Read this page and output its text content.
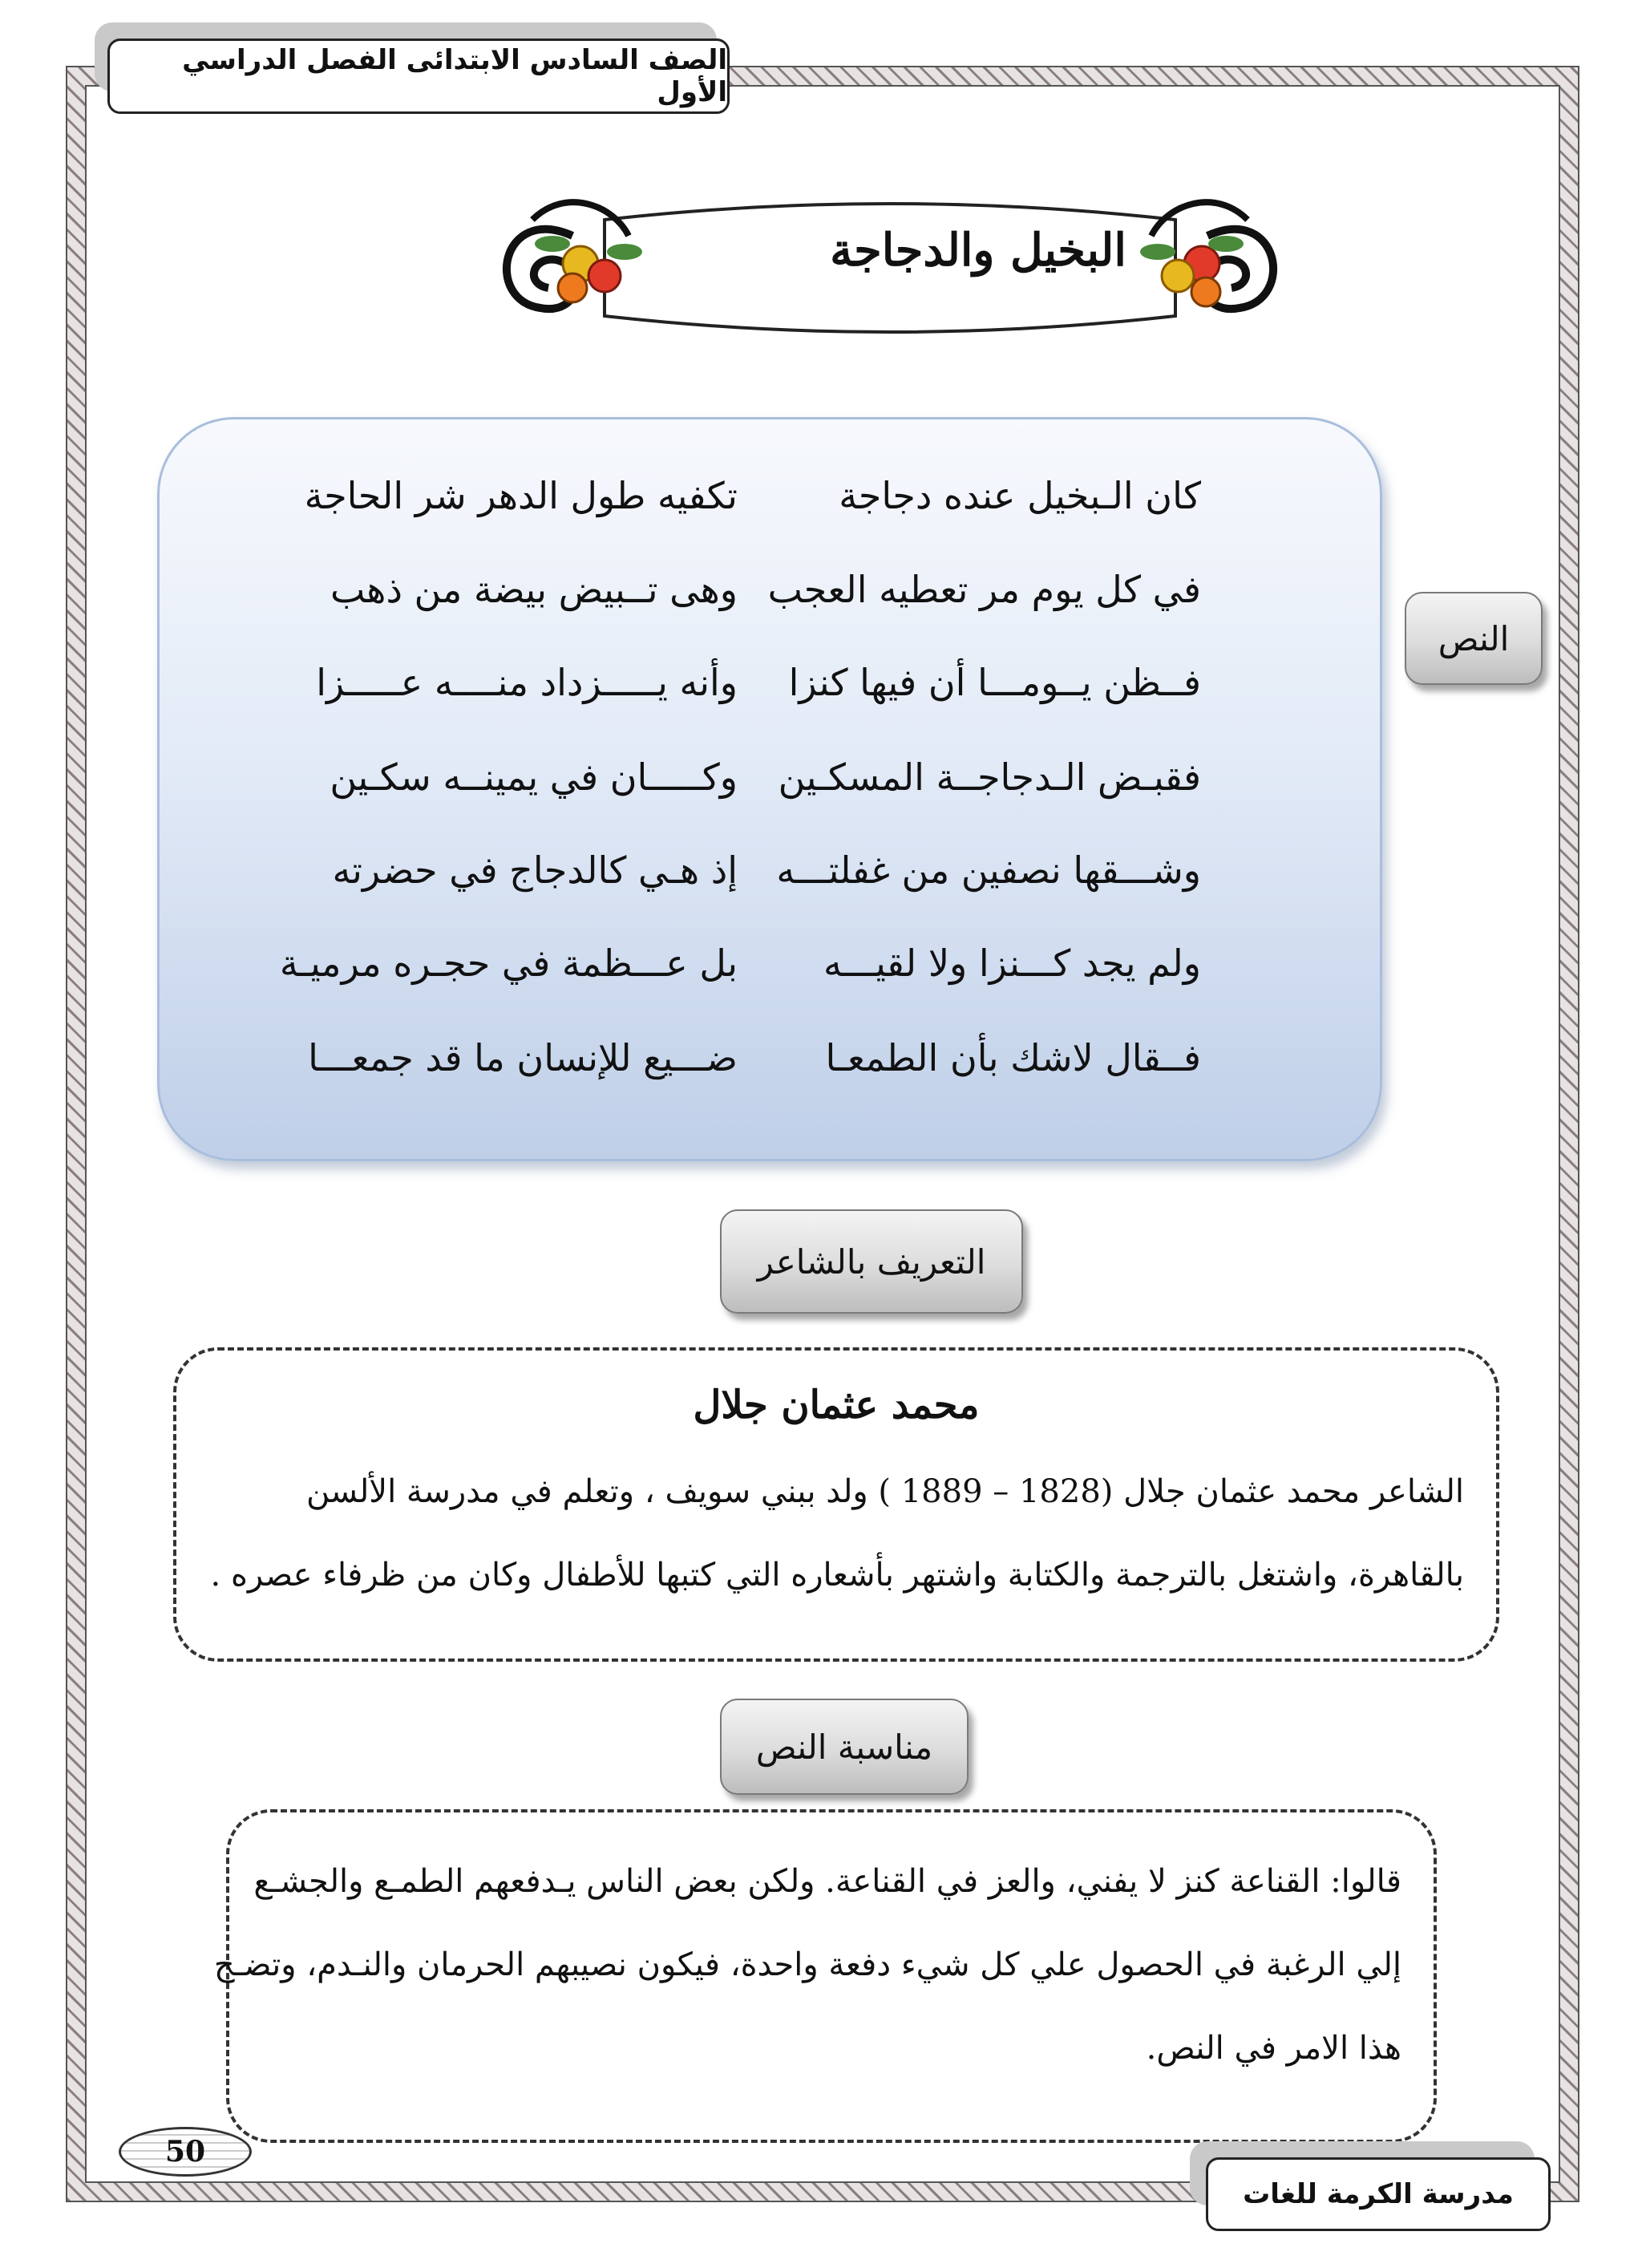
الصف السادس الابتدائى الفصل الدراسي الأول
البخيل والدجاجة
كان الـبخيل عنده دجاجة
تكفيه طول الدهر شر الحاجة
في كل يوم مر تعطيه العجب
وهى تــبيض بيضة من ذهب
فــظن يــومـــا أن فيها كنزا
وأنه يـــــزداد منــــه عـــــزا
فقبـض الـدجاجــة المسكـين
وكـــــان في يمينــه سكـين
وشـــقها نصفين من غفلتـــه
إذ هـي كالدجاج في حضرته
ولم يجد كـــنزا ولا لقيـــه
بل عـــظمة في حجـره مرميـة
فــقال لاشك بأن الطمعـا
ضـــيع للإنسان ما قد جمعـــا
النص
التعريف بالشاعر
محمد عثمان جلال
الشاعر محمد عثمان جلال (1828 – 1889 ) ولد ببني سويف ، وتعلم في مدرسة الألسن
بالقاهرة، واشتغل بالترجمة والكتابة واشتهر بأشعاره التي كتبها للأطفال وكان من ظرفاء عصره .
مناسبة النص
قالوا: القناعة كنز لا يفني، والعز في القناعة. ولكن بعض الناس يـدفعهم الطمـع والجشـع
إلي الرغبة في الحصول علي كل شيء دفعة واحدة، فيكون نصيبهم الحرمان والنـدم، وتضـح
هذا الامر في النص.
50
مدرسة الكرمة للغات
